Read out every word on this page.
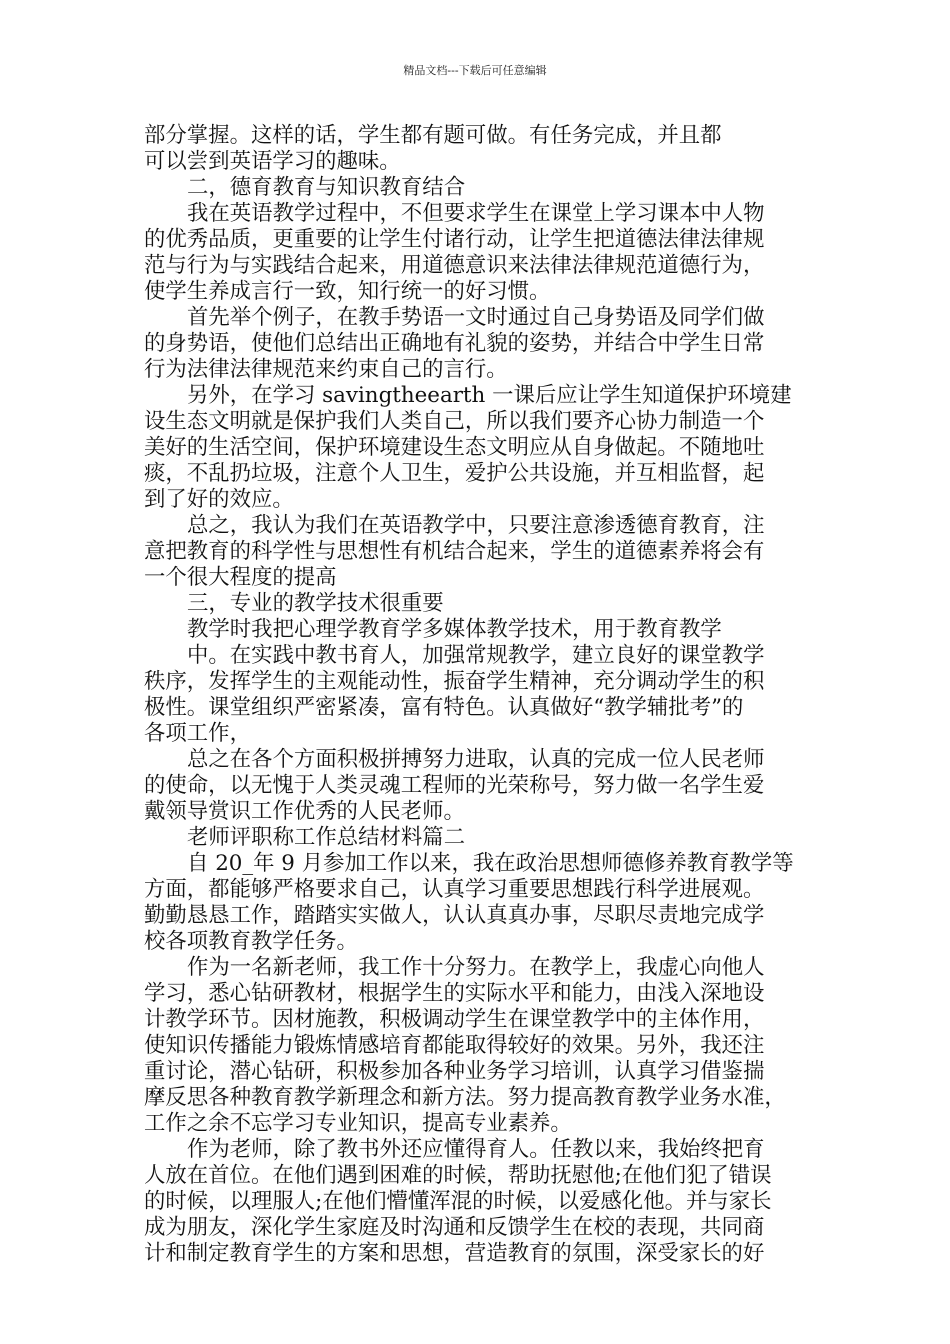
精品文档---下载后可任意编辑
部分掌握。这样的话，学生都有题可做。有任务完成，并且都
可以尝到英语学习的趣味。
二，德育教育与知识教育结合
我在英语教学过程中，不但要求学生在课堂上学习课本中人物
的优秀品质，更重要的让学生付诸行动，让学生把道德法律法律规
范与行为与实践结合起来，用道德意识来法律法律规范道德行为，
使学生养成言行一致，知行统一的好习惯。
首先举个例子，在教手势语一文时通过自己身势语及同学们做
的身势语，使他们总结出正确地有礼貌的姿势，并结合中学生日常
行为法律法律规范来约束自己的言行。
另外，在学习 savingtheearth 一课后应让学生知道保护环境建
设生态文明就是保护我们人类自己，所以我们要齐心协力制造一个
美好的生活空间，保护环境建设生态文明应从自身做起。不随地吐
痰，不乱扔垃圾，注意个人卫生，爱护公共设施，并互相监督，起
到了好的效应。
总之，我认为我们在英语教学中，只要注意渗透德育教育，注
意把教育的科学性与思想性有机结合起来，学生的道德素养将会有
一个很大程度的提高
三，专业的教学技术很重要
教学时我把心理学教育学多媒体教学技术，用于教育教学
中。在实践中教书育人，加强常规教学，建立良好的课堂教学
秩序，发挥学生的主观能动性，振奋学生精神，充分调动学生的积
极性。课堂组织严密紧凑，富有特色。认真做好“教学辅批考”的
各项工作，
总之在各个方面积极拼搏努力进取，认真的完成一位人民老师
的使命，以无愧于人类灵魂工程师的光荣称号，努力做一名学生爱
戴领导赏识工作优秀的人民老师。
老师评职称工作总结材料篇二
自 20_年 9 月参加工作以来，我在政治思想师德修养教育教学等
方面，都能够严格要求自己，认真学习重要思想践行科学进展观。
勤勤恳恳工作，踏踏实实做人，认认真真办事，尽职尽责地完成学
校各项教育教学任务。
作为一名新老师，我工作十分努力。在教学上，我虚心向他人
学习，悉心钻研教材，根据学生的实际水平和能力，由浅入深地设
计教学环节。因材施教，积极调动学生在课堂教学中的主体作用，
使知识传播能力锻炼情感培育都能取得较好的效果。另外，我还注
重讨论，潜心钻研，积极参加各种业务学习培训，认真学习借鉴揣
摩反思各种教育教学新理念和新方法。努力提高教育教学业务水准，
工作之余不忘学习专业知识，提高专业素养。
作为老师，除了教书外还应懂得育人。任教以来，我始终把育
人放在首位。在他们遇到困难的时候，帮助抚慰他;在他们犯了错误
的时候，以理服人;在他们懵懂浑混的时候，以爱感化他。并与家长
成为朋友，深化学生家庭及时沟通和反馈学生在校的表现，共同商
计和制定教育学生的方案和思想，营造教育的氛围，深受家长的好
